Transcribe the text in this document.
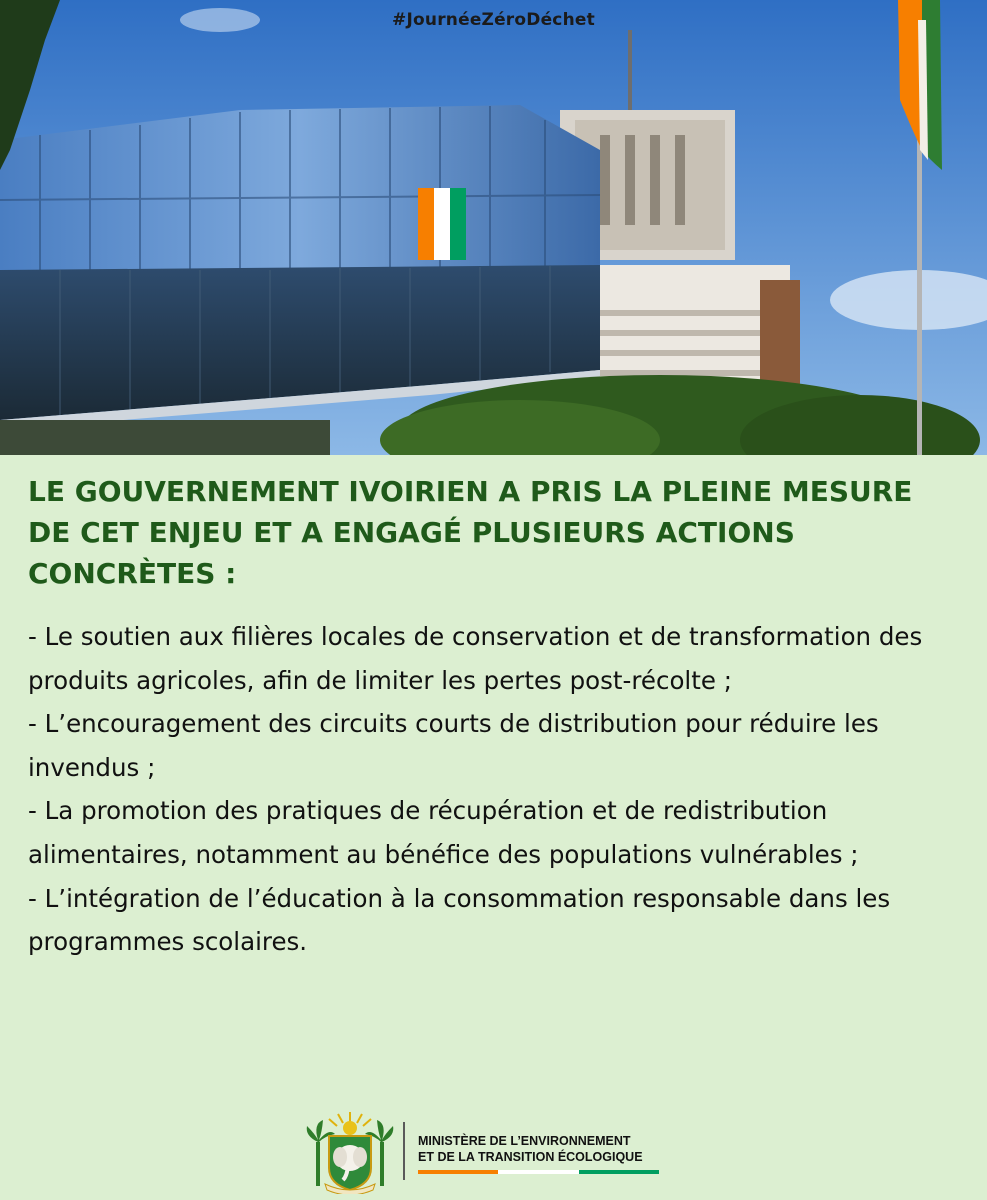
#JournéeZéroDéchet
LE GOUVERNEMENT IVOIRIEN A PRIS LA PLEINE MESURE DE CET ENJEU ET A ENGAGÉ PLUSIEURS ACTIONS CONCRÈTES :
- Le soutien aux filières locales de conservation et de transformation des produits agricoles, afin de limiter les pertes post-récolte ;
- L’encouragement des circuits courts de distribution pour réduire les invendus ;
- La promotion des pratiques de récupération et de redistribution alimentaires, notamment au bénéfice des populations vulnérables ;
- L’intégration de l’éducation à la consommation responsable dans les programmes scolaires.
MINISTÈRE DE L’ENVIRONNEMENT
ET DE LA TRANSITION ÉCOLOGIQUE
